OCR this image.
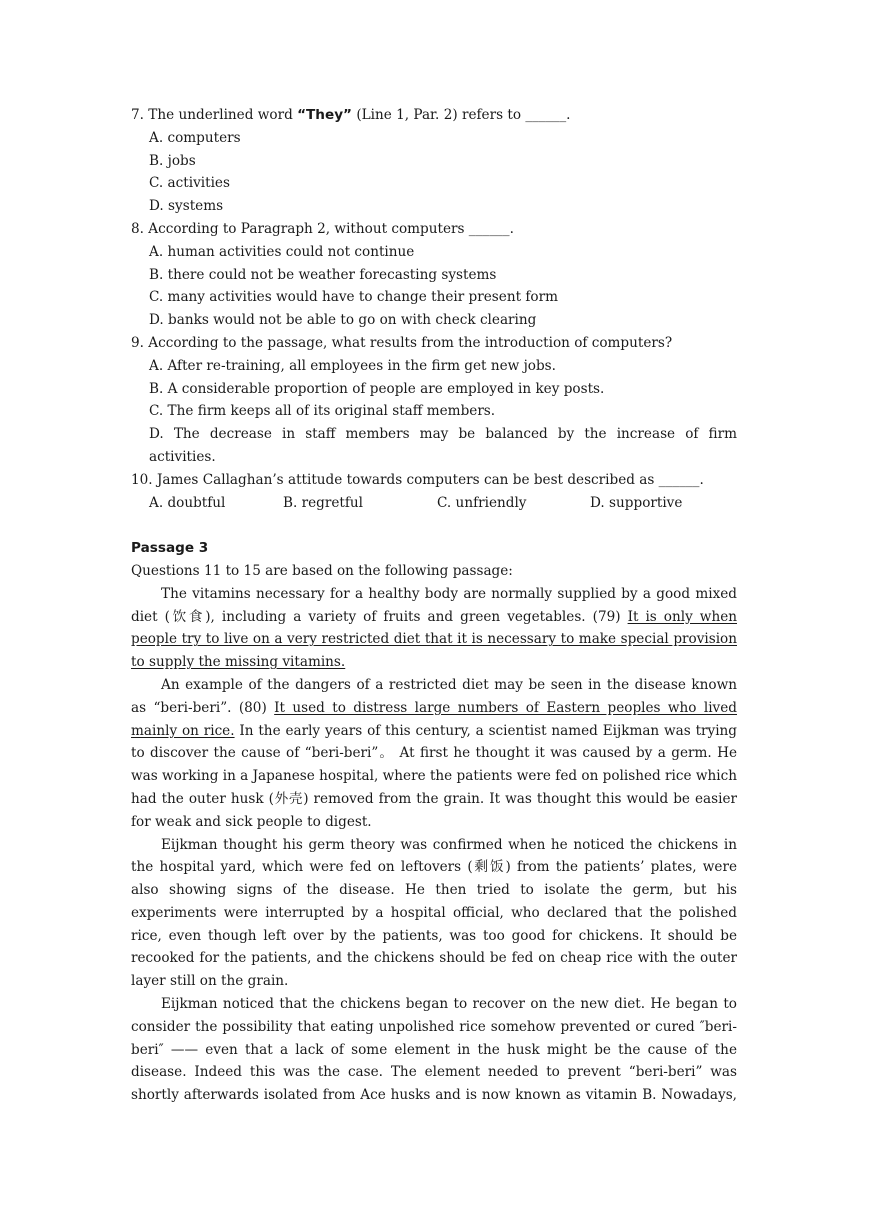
7. The underlined word “They” (Line 1, Par. 2) refers to ______.

A. computers

B. jobs

C. activities

D. systems

8. According to Paragraph 2, without computers ______.

A. human activities could not continue

B. there could not be weather forecasting systems

C. many activities would have to change their present form

D. banks would not be able to go on with check clearing

9. According to the passage, what results from the introduction of computers?

A. After re-training, all employees in the firm get new jobs.

B. A considerable proportion of people are employed in key posts.

C. The firm keeps all of its original staff members.

D. The decrease in staff members may be balanced by the increase of firm

activities.

10. James Callaghan’s attitude towards computers can be best described as ______.

A. doubtful	B. regretful	C. unfriendly	D. supportive

Passage 3

Questions 11 to 15 are based on the following passage:

The vitamins necessary for a healthy body are normally supplied by a good mixed diet (饮食), including a variety of fruits and green vegetables. (79) It is only when people try to live on a very restricted diet that it is necessary to make special provision to supply the missing vitamins.

An example of the dangers of a restricted diet may be seen in the disease known as “beri-beri”. (80) It used to distress large numbers of Eastern peoples who lived mainly on rice. In the early years of this century, a scientist named Eijkman was trying to discover the cause of “beri-beri”。 At first he thought it was caused by a germ. He was working in a Japanese hospital, where the patients were fed on polished rice which had the outer husk (外壳) removed from the grain. It was thought this would be easier for weak and sick people to digest.

Eijkman thought his germ theory was confirmed when he noticed the chickens in the hospital yard, which were fed on leftovers (剩饭) from the patients’ plates, were also showing signs of the disease. He then tried to isolate the germ, but his experiments were interrupted by a hospital official, who declared that the polished rice, even though left over by the patients, was too good for chickens. It should be recooked for the patients, and the chickens should be fed on cheap rice with the outer layer still on the grain.

Eijkman noticed that the chickens began to recover on the new diet. He began to consider the possibility that eating unpolished rice somehow prevented or cured ″beri-beri″ —— even that a lack of some element in the husk might be the cause of the disease. Indeed this was the case. The element needed to prevent “beri-beri” was shortly afterwards isolated from Ace husks and is now known as vitamin B. Nowadays,
